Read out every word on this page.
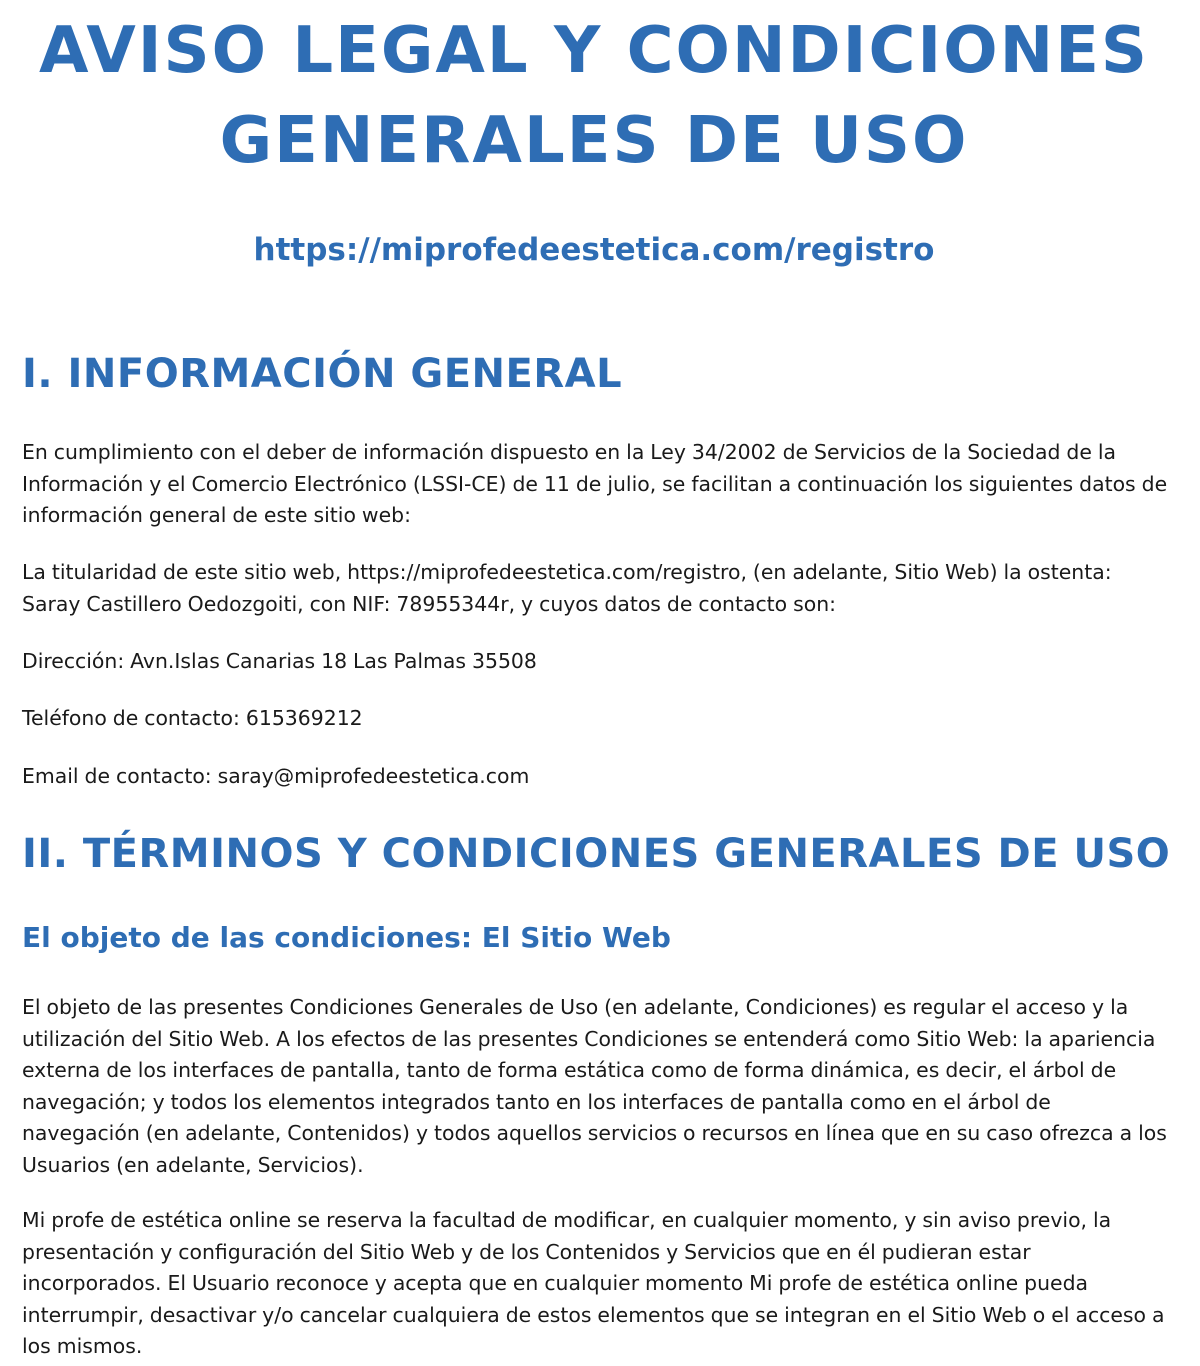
AVISO LEGAL Y CONDICIONES GENERALES DE USO
https://miprofedeestetica.com/registro
I. INFORMACIÓN GENERAL

En cumplimiento con el deber de información dispuesto en la Ley 34/2002 de Servicios de la Sociedad de la Información y el Comercio Electrónico (LSSI-CE) de 11 de julio, se facilitan a continuación los siguientes datos de información general de este sitio web:

La titularidad de este sitio web, https://miprofedeestetica.com/registro, (en adelante, Sitio Web) la ostenta: Saray Castillero Oedozgoiti, con NIF: 78955344r, y cuyos datos de contacto son:

Dirección: Avn.Islas Canarias 18 Las Palmas 35508

Teléfono de contacto: 615369212

Email de contacto: saray@miprofedeestetica.com

II. TÉRMINOS Y CONDICIONES GENERALES DE USO
El objeto de las condiciones: El Sitio Web

El objeto de las presentes Condiciones Generales de Uso (en adelante, Condiciones) es regular el acceso y la utilización del Sitio Web. A los efectos de las presentes Condiciones se entenderá como Sitio Web: la apariencia externa de los interfaces de pantalla, tanto de forma estática como de forma dinámica, es decir, el árbol de navegación; y todos los elementos integrados tanto en los interfaces de pantalla como en el árbol de navegación (en adelante, Contenidos) y todos aquellos servicios o recursos en línea que en su caso ofrezca a los Usuarios (en adelante, Servicios).

Mi profe de estética online se reserva la facultad de modificar, en cualquier momento, y sin aviso previo, la presentación y configuración del Sitio Web y de los Contenidos y Servicios que en él pudieran estar incorporados. El Usuario reconoce y acepta que en cualquier momento Mi profe de estética online pueda interrumpir, desactivar y/o cancelar cualquiera de estos elementos que se integran en el Sitio Web o el acceso a los mismos.
